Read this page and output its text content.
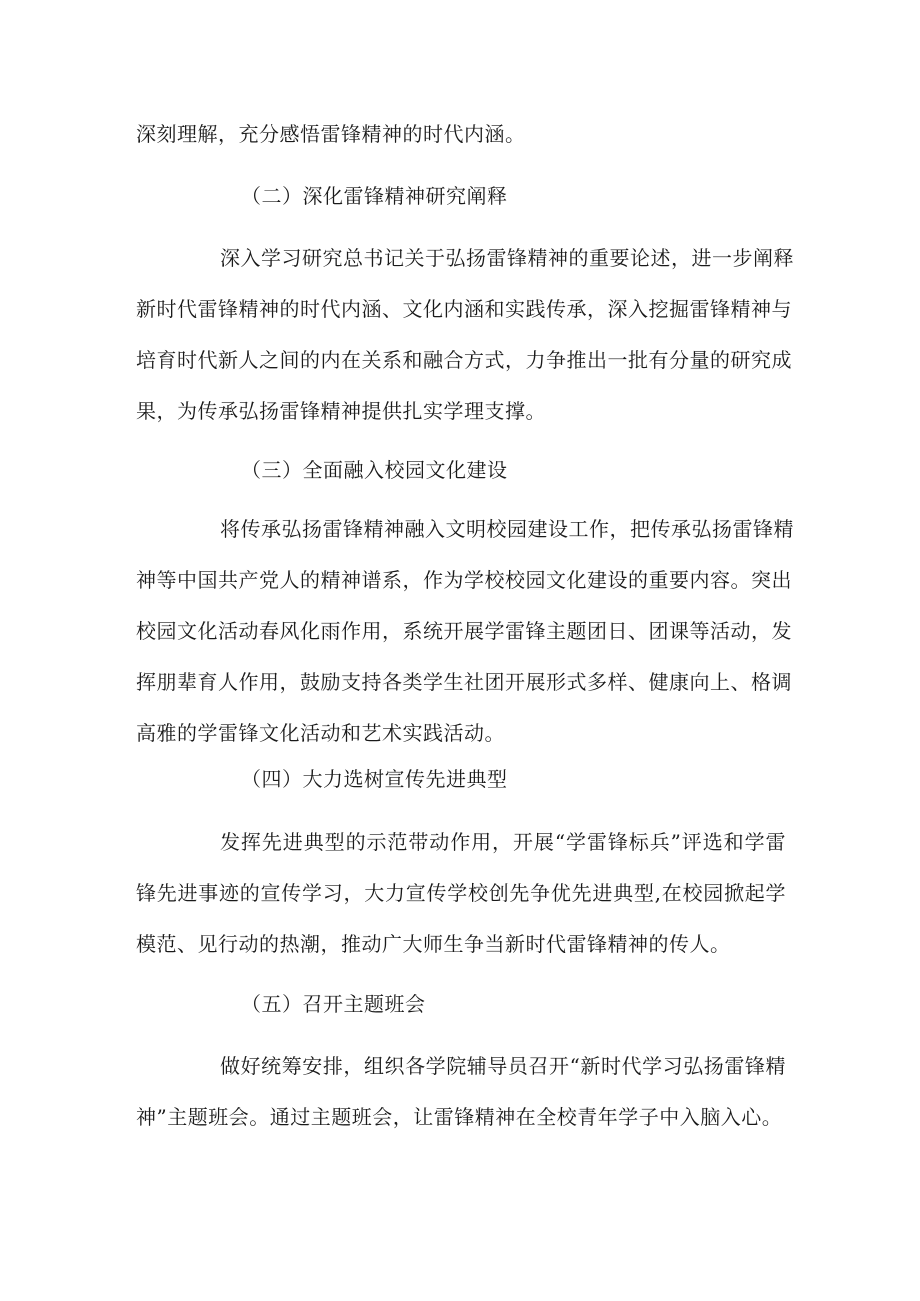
深刻理解，充分感悟雷锋精神的时代内涵。
（二）深化雷锋精神研究阐释
深入学习研究总书记关于弘扬雷锋精神的重要论述，进一步阐释
新时代雷锋精神的时代内涵、文化内涵和实践传承，深入挖掘雷锋精神与
培育时代新人之间的内在关系和融合方式，力争推出一批有分量的研究成
果，为传承弘扬雷锋精神提供扎实学理支撑。
（三）全面融入校园文化建设
将传承弘扬雷锋精神融入文明校园建设工作，把传承弘扬雷锋精
神等中国共产党人的精神谱系，作为学校校园文化建设的重要内容。突出
校园文化活动春风化雨作用，系统开展学雷锋主题团日、团课等活动，发
挥朋辈育人作用，鼓励支持各类学生社团开展形式多样、健康向上、格调
高雅的学雷锋文化活动和艺术实践活动。
（四）大力选树宣传先进典型
发挥先进典型的示范带动作用，开展“学雷锋标兵”评选和学雷
锋先进事迹的宣传学习，大力宣传学校创先争优先进典型,在校园掀起学
模范、见行动的热潮，推动广大师生争当新时代雷锋精神的传人。
（五）召开主题班会
做好统筹安排，组织各学院辅导员召开“新时代学习弘扬雷锋精
神”主题班会。通过主题班会，让雷锋精神在全校青年学子中入脑入心。
